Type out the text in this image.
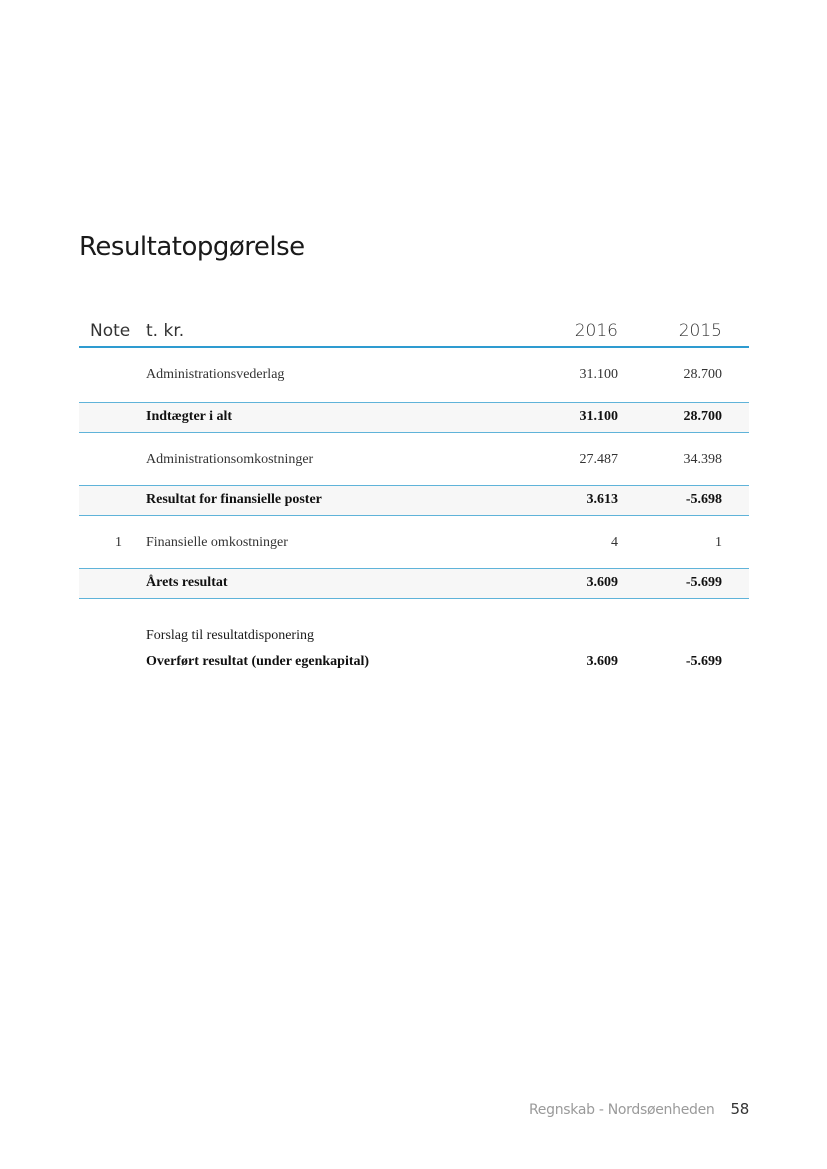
Resultatopgørelse
Note t. kr.	2016	2015
Administrationsvederlag	31.100	28.700
Indtægter i alt	31.100	28.700
Administrationsomkostninger	27.487	34.398
Resultat for finansielle poster	3.613	-5.698
1 Finansielle omkostninger	4	1
Årets resultat	3.609	-5.699
Forslag til resultatdisponering
Overført resultat (under egenkapital)	3.609	-5.699
Regnskab - Nordsøenheden 58
